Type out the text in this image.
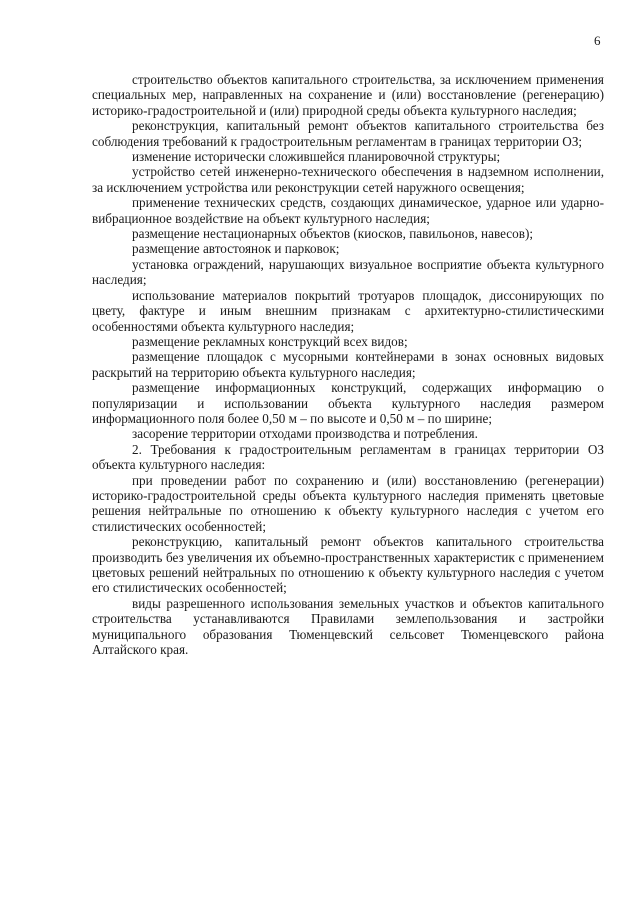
6

строительство объектов капитального строительства, за исключением применения специальных мер, направленных на сохранение и (или) восстановление (регенерацию) историко-градостроительной и (или) природной среды объекта культурного наследия;

реконструкция, капитальный ремонт объектов капитального строительства без соблюдения требований к градостроительным регламентам в границах территории ОЗ;

изменение исторически сложившейся планировочной структуры;

устройство сетей инженерно-технического обеспечения в надземном исполнении, за исключением устройства или реконструкции сетей наружного освещения;

применение технических средств, создающих динамическое, ударное или ударно-вибрационное воздействие на объект культурного наследия;

размещение нестационарных объектов (киосков, павильонов, навесов);

размещение автостоянок и парковок;

установка ограждений, нарушающих визуальное восприятие объекта культурного наследия;

использование материалов покрытий тротуаров площадок, диссонирующих по цвету, фактуре и иным внешним признакам с архитектурно-стилистическими особенностями объекта культурного наследия;

размещение рекламных конструкций всех видов;

размещение площадок с мусорными контейнерами в зонах основных видовых раскрытий на территорию объекта культурного наследия;

размещение информационных конструкций, содержащих информацию о популяризации и использовании объекта культурного наследия размером информационного поля более 0,50 м – по высоте и 0,50 м – по ширине;

засорение территории отходами производства и потребления.

2. Требования к градостроительным регламентам в границах территории ОЗ объекта культурного наследия:

при проведении работ по сохранению и (или) восстановлению (регенерации) историко-градостроительной среды объекта культурного наследия применять цветовые решения нейтральные по отношению к объекту культурного наследия с учетом его стилистических особенностей;

реконструкцию, капитальный ремонт объектов капитального строительства производить без увеличения их объемно-пространственных характеристик с применением цветовых решений нейтральных по отношению к объекту культурного наследия с учетом его стилистических особенностей;

виды разрешенного использования земельных участков и объектов капитального строительства устанавливаются Правилами землепользования и застройки муниципального образования Тюменцевский сельсовет Тюменцевского района Алтайского края.
